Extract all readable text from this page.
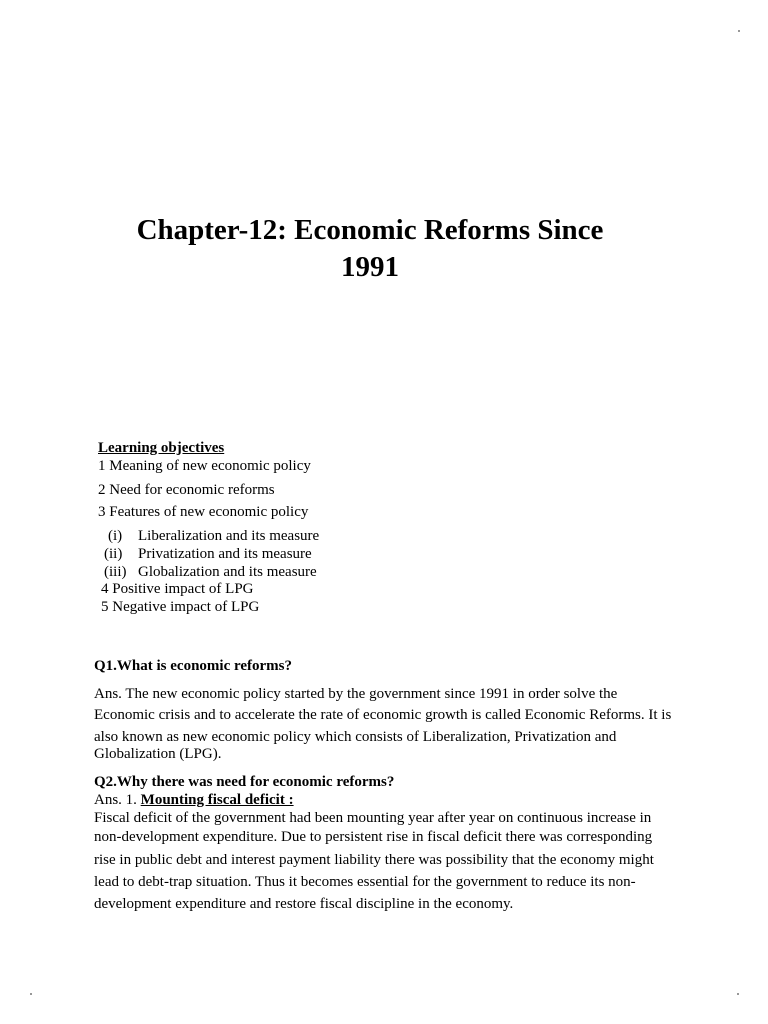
Chapter-12: Economic Reforms Since
1991
Learning objectives
1 Meaning of new economic policy
2 Need for economic reforms
3 Features of new economic policy
(i) Liberalization and its measure
(ii) Privatization and its measure
(iii) Globalization and its measure
4 Positive impact of LPG
5 Negative impact of LPG
Q1.What is economic reforms?
Ans. The new economic policy started by the government since 1991 in order solve the
Economic crisis and to accelerate the rate of economic growth is called Economic Reforms. It is
also known as new economic policy which consists of Liberalization, Privatization and
Globalization (LPG).
Q2.Why there was need for economic reforms?
Ans. 1. Mounting fiscal deficit :
Fiscal deficit of the government had been mounting year after year on continuous increase in
non-development expenditure. Due to persistent rise in fiscal deficit there was corresponding
rise in public debt and interest payment liability there was possibility that the economy might
lead to debt-trap situation. Thus it becomes essential for the government to reduce its non-
development expenditure and restore fiscal discipline in the economy.
